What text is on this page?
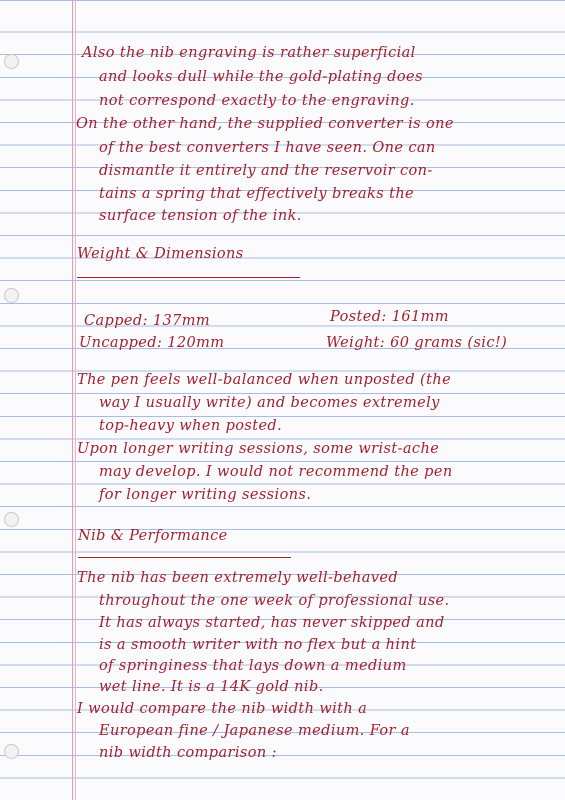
Also the nib engraving is rather superficial
and looks dull while the gold-plating does
not correspond exactly to the engraving.
On the other hand, the supplied converter is one
of the best converters I have seen. One can
dismantle it entirely and the reservoir con-
tains a spring that effectively breaks the
surface tension of the ink.
Weight & Dimensions
Capped: 137mm	Posted: 161mm
Uncapped: 120mm	Weight: 60 grams (sic!)
The pen feels well-balanced when unposted (the
way I usually write) and becomes extremely
top-heavy when posted.
Upon longer writing sessions, some wrist-ache
may develop. I would not recommend the pen
for longer writing sessions.
Nib & Performance
The nib has been extremely well-behaved
throughout the one week of professional use.
It has always started, has never skipped and
is a smooth writer with no flex but a hint
of springiness that lays down a medium
wet line. It is a 14K gold nib.
I would compare the nib width with a
European fine / Japanese medium. For a
nib width comparison :
